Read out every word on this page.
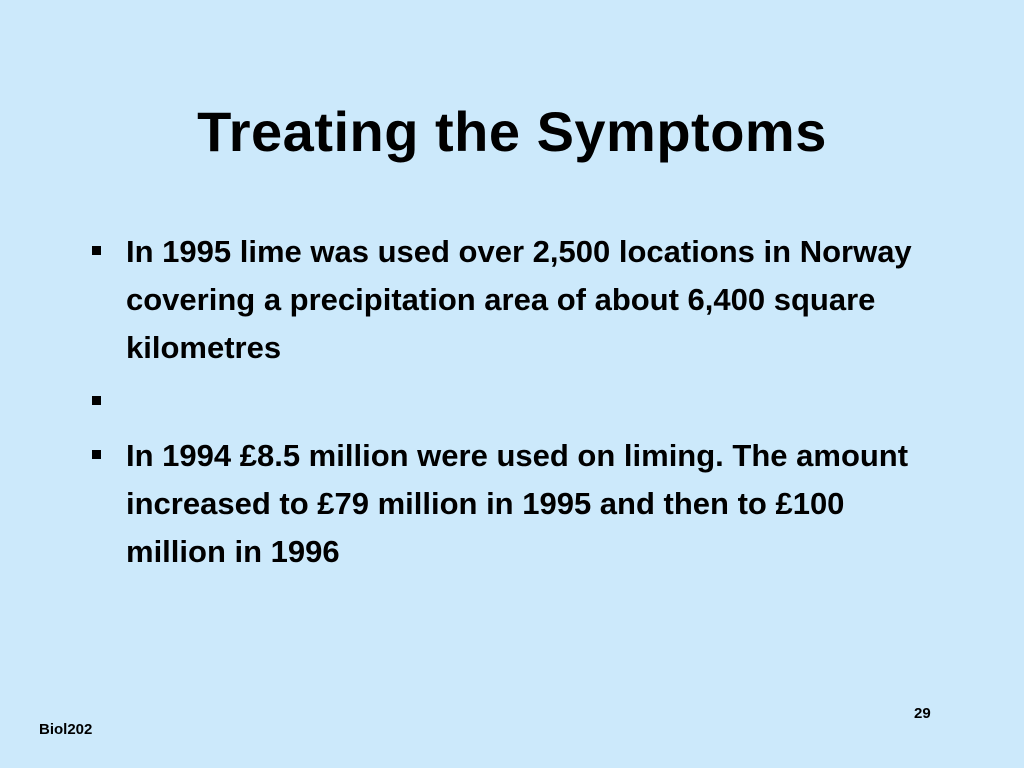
Treating the Symptoms
In 1995 lime was used over 2,500 locations in Norway covering a precipitation area of about 6,400 square kilometres
In 1994 £8.5 million were used on liming. The amount increased to £79 million in 1995 and then to £100 million in 1996
Biol202
29
